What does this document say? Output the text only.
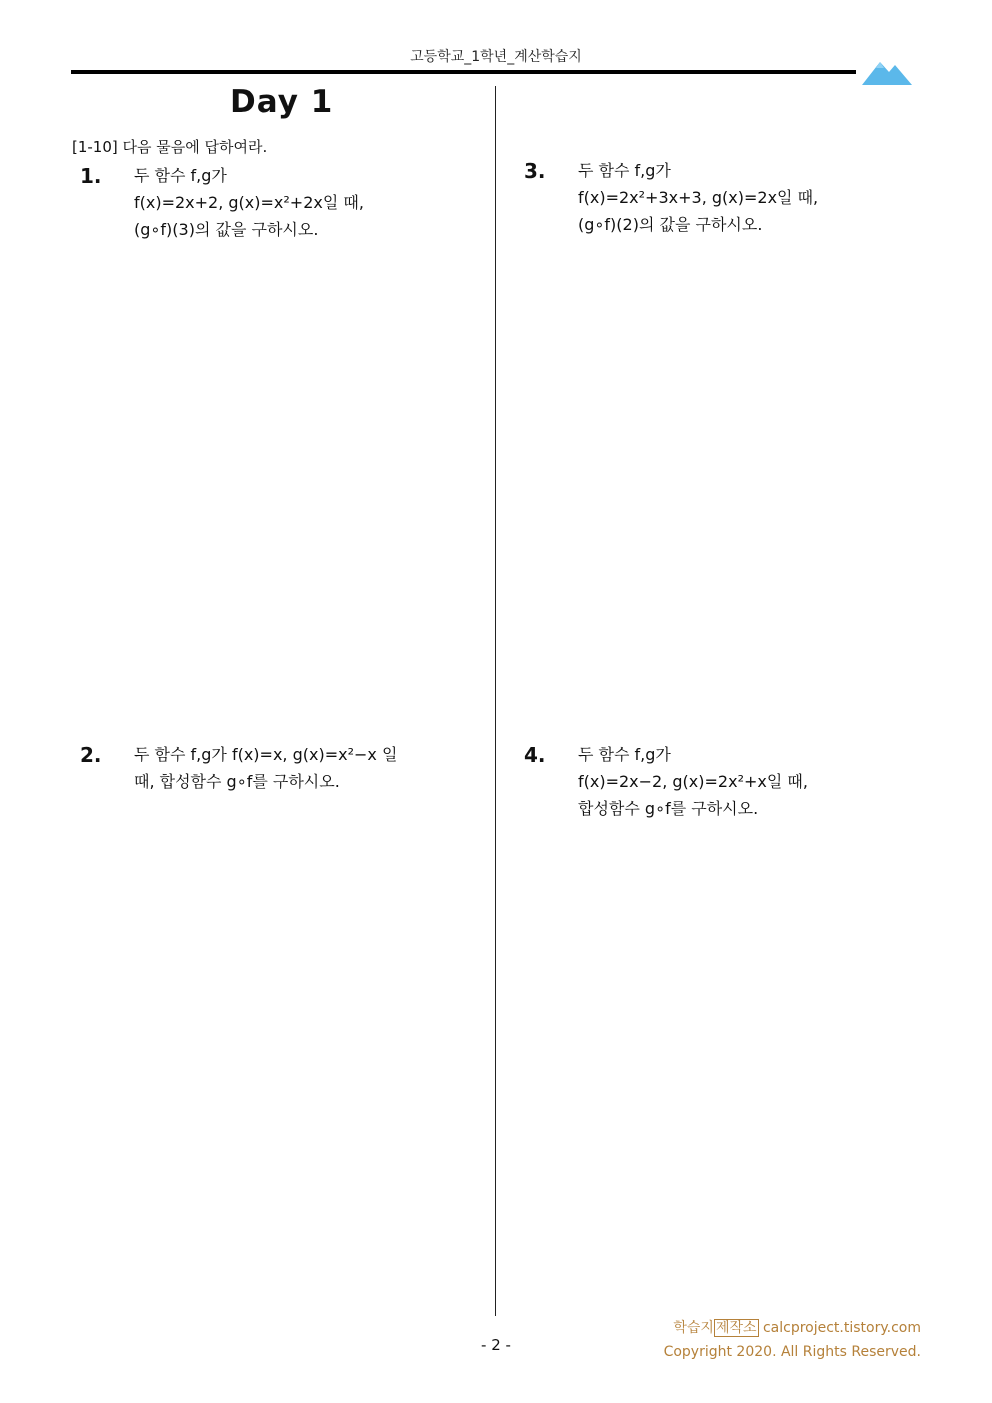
고등학교_1학년_계산학습지
Day 1
[1-10] 다음 물음에 답하여라.
1. 두 함수 f,g가
f(x)=2x+2, g(x)=x²+2x일 때,
(g∘f)(3)의 값을 구하시오.
2. 두 함수 f,g가 f(x)=x, g(x)=x²−x 일
때, 합성함수 g∘f를 구하시오.
3. 두 함수 f,g가
f(x)=2x²+3x+3, g(x)=2x일 때,
(g∘f)(2)의 값을 구하시오.
4. 두 함수 f,g가
f(x)=2x−2, g(x)=2x²+x일 때,
합성함수 g∘f를 구하시오.
학습지 제작소 calcproject.tistory.com
Copyright 2020. All Rights Reserved.
- 2 -
